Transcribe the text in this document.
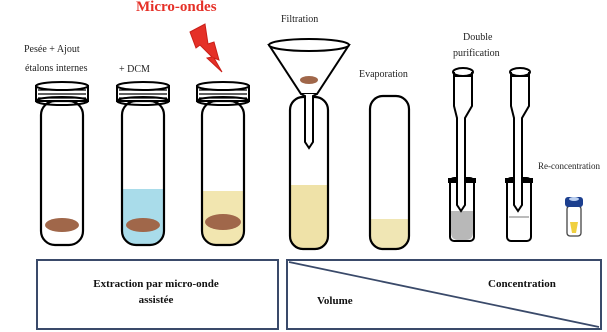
Micro-ondes
Pesée + Ajout
étalons internes	+ DCM
Filtration
Evaporation
Double
purification
Re-concentration
Extraction par micro-onde
assistée
Concentration
Volume
